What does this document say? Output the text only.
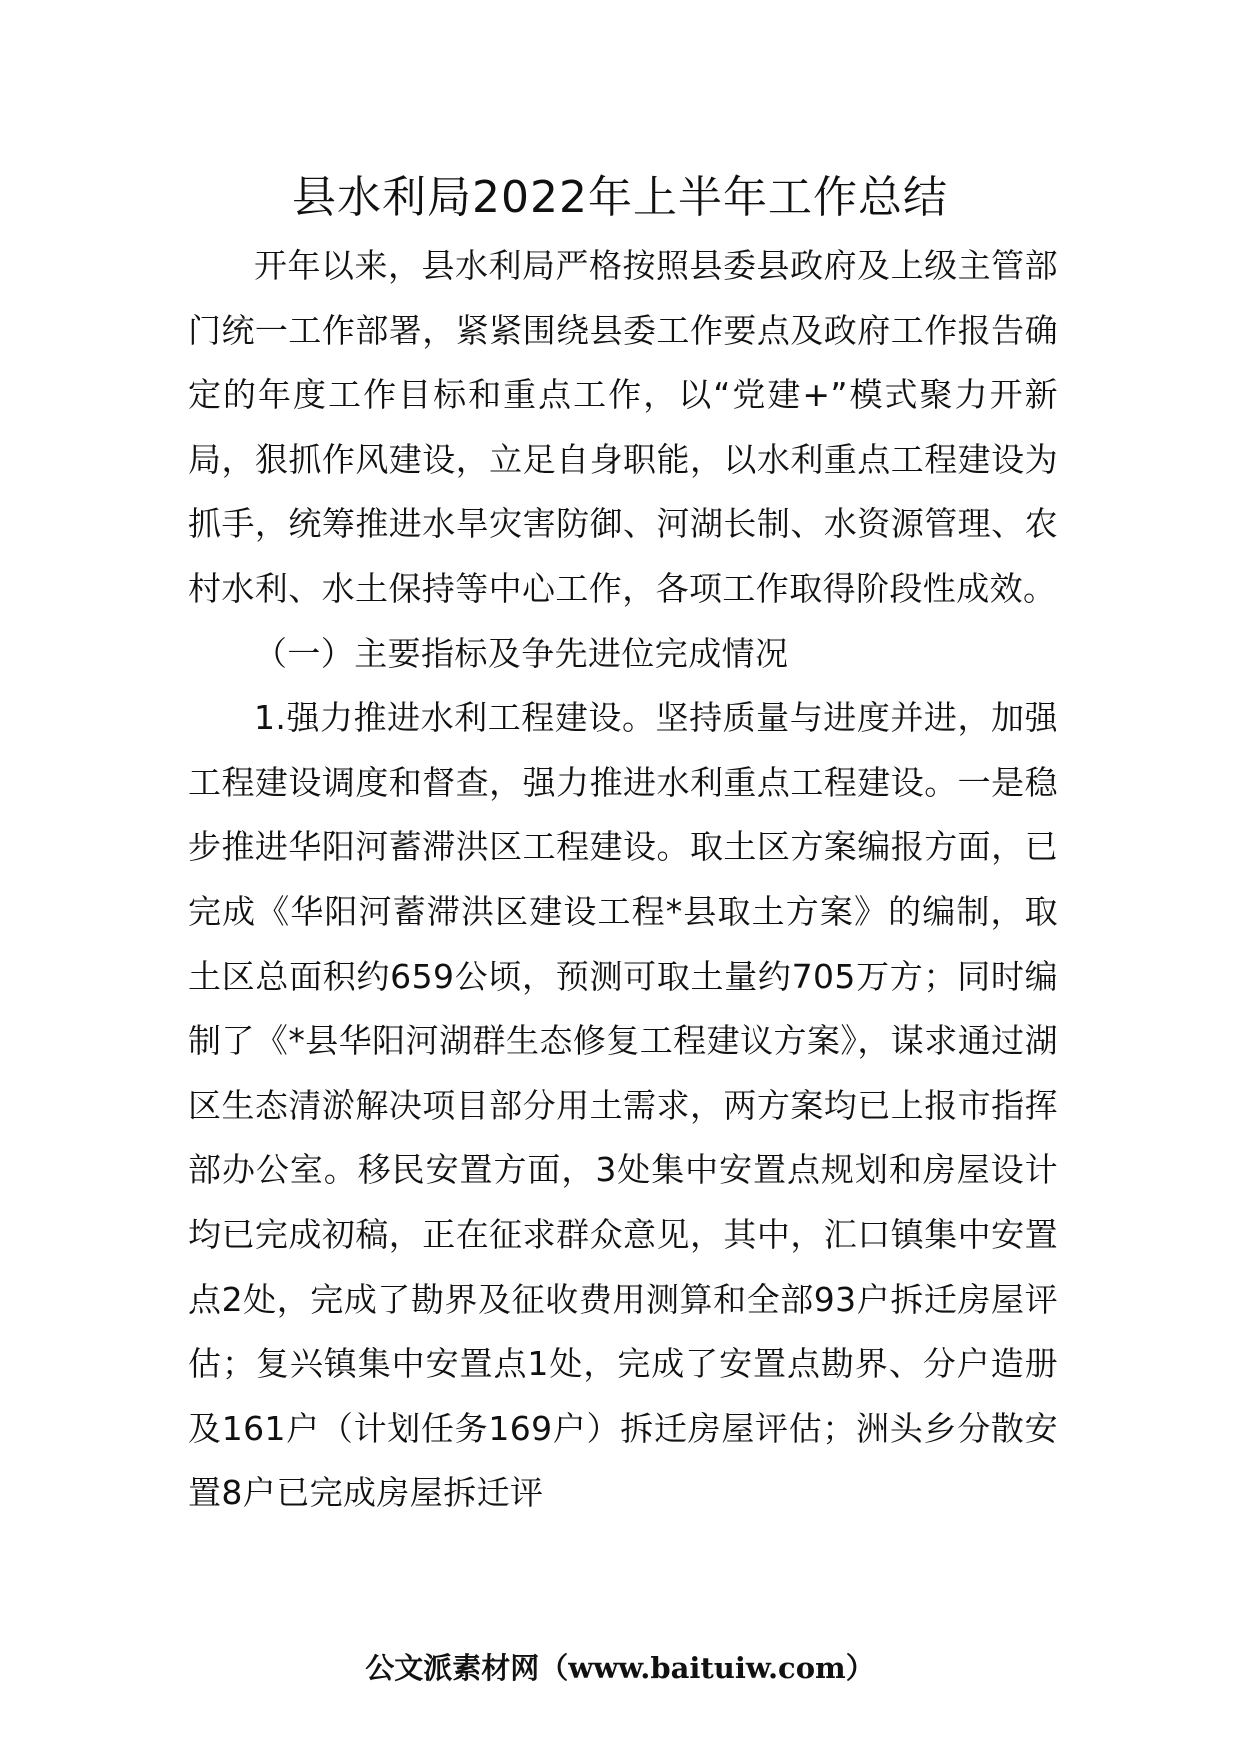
县水利局2022年上半年工作总结

开年以来，县水利局严格按照县委县政府及上级主管部门统一工作部署，紧紧围绕县委工作要点及政府工作报告确定的年度工作目标和重点工作，以“党建+”模式聚力开新局，狠抓作风建设，立足自身职能，以水利重点工程建设为抓手，统筹推进水旱灾害防御、河湖长制、水资源管理、农村水利、水土保持等中心工作，各项工作取得阶段性成效。

（一）主要指标及争先进位完成情况

1.强力推进水利工程建设。坚持质量与进度并进，加强工程建设调度和督查，强力推进水利重点工程建设。一是稳步推进华阳河蓄滞洪区工程建设。取土区方案编报方面，已完成《华阳河蓄滞洪区建设工程*县取土方案》的编制，取土区总面积约659公顷，预测可取土量约705万方；同时编制了《*县华阳河湖群生态修复工程建议方案》，谋求通过湖区生态清淤解决项目部分用土需求，两方案均已上报市指挥部办公室。移民安置方面，3处集中安置点规划和房屋设计均已完成初稿，正在征求群众意见，其中，汇口镇集中安置点2处，完成了勘界及征收费用测算和全部93户拆迁房屋评估；复兴镇集中安置点1处，完成了安置点勘界、分户造册及161户（计划任务169户）拆迁房屋评估；洲头乡分散安置8户已完成房屋拆迁评

公文派素材网（www.baituiw.com）
